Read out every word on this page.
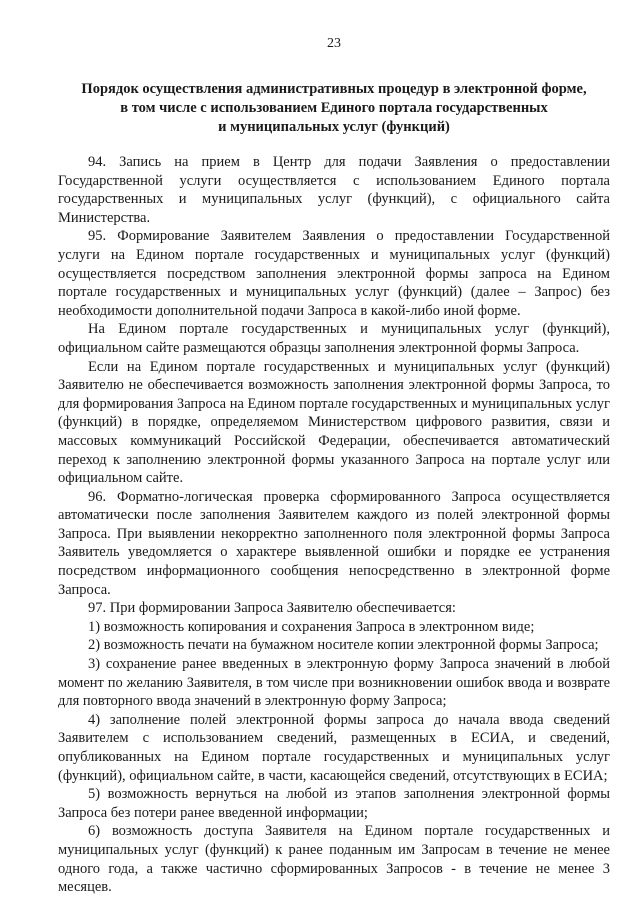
23
Порядок осуществления административных процедур в электронной форме,
в том числе с использованием Единого портала государственных
и муниципальных услуг (функций)

94. Запись на прием в Центр для подачи Заявления о предоставлении Государственной услуги осуществляется с использованием Единого портала государственных и муниципальных услуг (функций), с официального сайта Министерства.

95. Формирование Заявителем Заявления о предоставлении Государственной услуги на Едином портале государственных и муниципальных услуг (функций) осуществляется посредством заполнения электронной формы запроса на Едином портале государственных и муниципальных услуг (функций) (далее – Запрос) без необходимости дополнительной подачи Запроса в какой-либо иной форме.

На Едином портале государственных и муниципальных услуг (функций), официальном сайте размещаются образцы заполнения электронной формы Запроса.

Если на Едином портале государственных и муниципальных услуг (функций) Заявителю не обеспечивается возможность заполнения электронной формы Запроса, то для формирования Запроса на Едином портале государственных и муниципальных услуг (функций) в порядке, определяемом Министерством цифрового развития, связи и массовых коммуникаций Российской Федерации, обеспечивается автоматический переход к заполнению электронной формы указанного Запроса на портале услуг или официальном сайте.

96. Форматно-логическая проверка сформированного Запроса осуществляется автоматически после заполнения Заявителем каждого из полей электронной формы Запроса. При выявлении некорректно заполненного поля электронной формы Запроса Заявитель уведомляется о характере выявленной ошибки и порядке ее устранения посредством информационного сообщения непосредственно в электронной форме Запроса.

97. При формировании Запроса Заявителю обеспечивается:

1) возможность копирования и сохранения Запроса в электронном виде;

2) возможность печати на бумажном носителе копии электронной формы Запроса;

3) сохранение ранее введенных в электронную форму Запроса значений в любой момент по желанию Заявителя, в том числе при возникновении ошибок ввода и возврате для повторного ввода значений в электронную форму Запроса;

4) заполнение полей электронной формы запроса до начала ввода сведений Заявителем с использованием сведений, размещенных в ЕСИА, и сведений, опубликованных на Едином портале государственных и муниципальных услуг (функций), официальном сайте, в части, касающейся сведений, отсутствующих в ЕСИА;

5) возможность вернуться на любой из этапов заполнения электронной формы Запроса без потери ранее введенной информации;

6) возможность доступа Заявителя на Едином портале государственных и муниципальных услуг (функций) к ранее поданным им Запросам в течение не менее одного года, а также частично сформированных Запросов - в течение не менее 3 месяцев.
